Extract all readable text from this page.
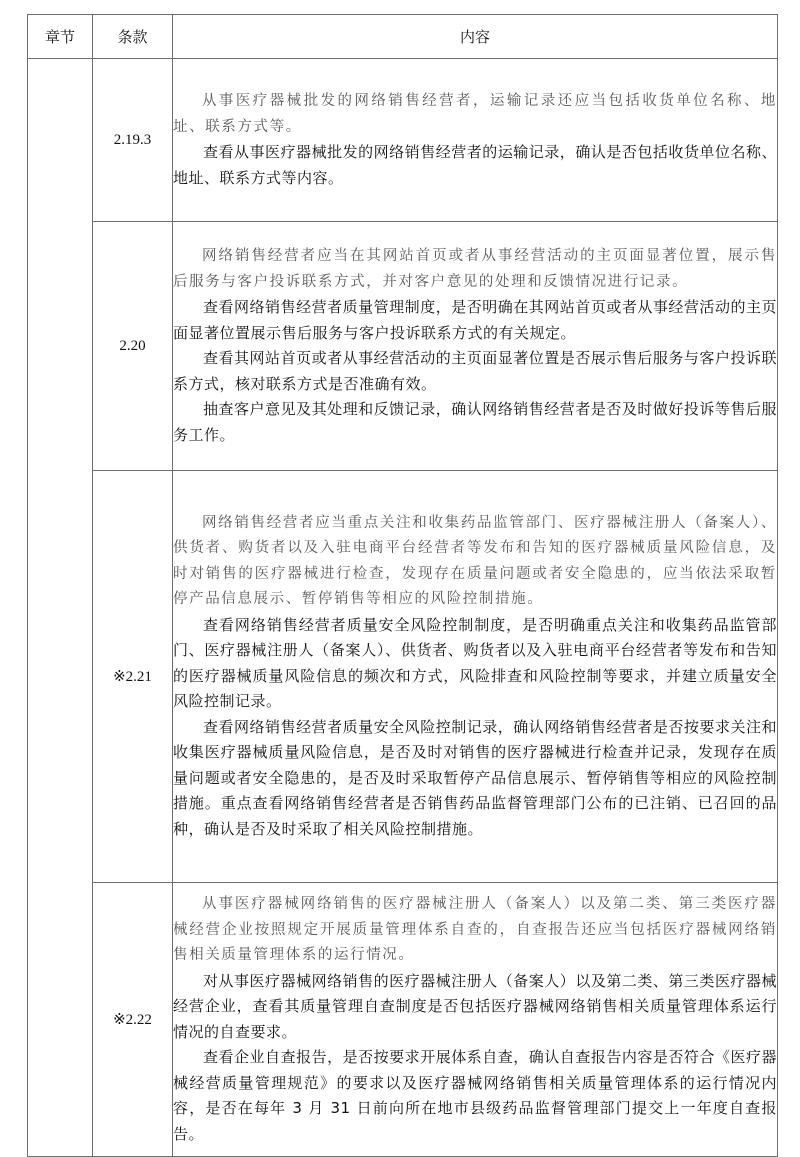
章节	条款	内容
	2.19.3	从事医疗器械批发的网络销售经营者，运输记录还应当包括收货单位名称、地址、联系方式等。

查看从事医疗器械批发的网络销售经营者的运输记录，确认是否包括收货单位名称、地址、联系方式等内容。

	2.20	网络销售经营者应当在其网站首页或者从事经营活动的主页面显著位置，展示售后服务与客户投诉联系方式，并对客户意见的处理和反馈情况进行记录。

查看网络销售经营者质量管理制度，是否明确在其网站首页或者从事经营活动的主页面显著位置展示售后服务与客户投诉联系方式的有关规定。

查看其网站首页或者从事经营活动的主页面显著位置是否展示售后服务与客户投诉联系方式，核对联系方式是否准确有效。

抽查客户意见及其处理和反馈记录，确认网络销售经营者是否及时做好投诉等售后服务工作。

	※2.21	网络销售经营者应当重点关注和收集药品监管部门、医疗器械注册人（备案人）、供货者、购货者以及入驻电商平台经营者等发布和告知的医疗器械质量风险信息，及时对销售的医疗器械进行检查，发现存在质量问题或者安全隐患的，应当依法采取暂停产品信息展示、暂停销售等相应的风险控制措施。

查看网络销售经营者质量安全风险控制制度，是否明确重点关注和收集药品监管部门、医疗器械注册人（备案人）、供货者、购货者以及入驻电商平台经营者等发布和告知的医疗器械质量风险信息的频次和方式，风险排查和风险控制等要求，并建立质量安全风险控制记录。

查看网络销售经营者质量安全风险控制记录，确认网络销售经营者是否按要求关注和收集医疗器械质量风险信息，是否及时对销售的医疗器械进行检查并记录，发现存在质量问题或者安全隐患的，是否及时采取暂停产品信息展示、暂停销售等相应的风险控制措施。重点查看网络销售经营者是否销售药品监督管理部门公布的已注销、已召回的品种，确认是否及时采取了相关风险控制措施。

	※2.22	从事医疗器械网络销售的医疗器械注册人（备案人）以及第二类、第三类医疗器械经营企业按照规定开展质量管理体系自查的，自查报告还应当包括医疗器械网络销售相关质量管理体系的运行情况。

对从事医疗器械网络销售的医疗器械注册人（备案人）以及第二类、第三类医疗器械经营企业，查看其质量管理自查制度是否包括医疗器械网络销售相关质量管理体系运行情况的自查要求。

查看企业自查报告，是否按要求开展体系自查，确认自查报告内容是否符合《医疗器械经营质量管理规范》的要求以及医疗器械网络销售相关质量管理体系的运行情况内容，是否在每年 3 月 31 日前向所在地市县级药品监督管理部门提交上一年度自查报告。
